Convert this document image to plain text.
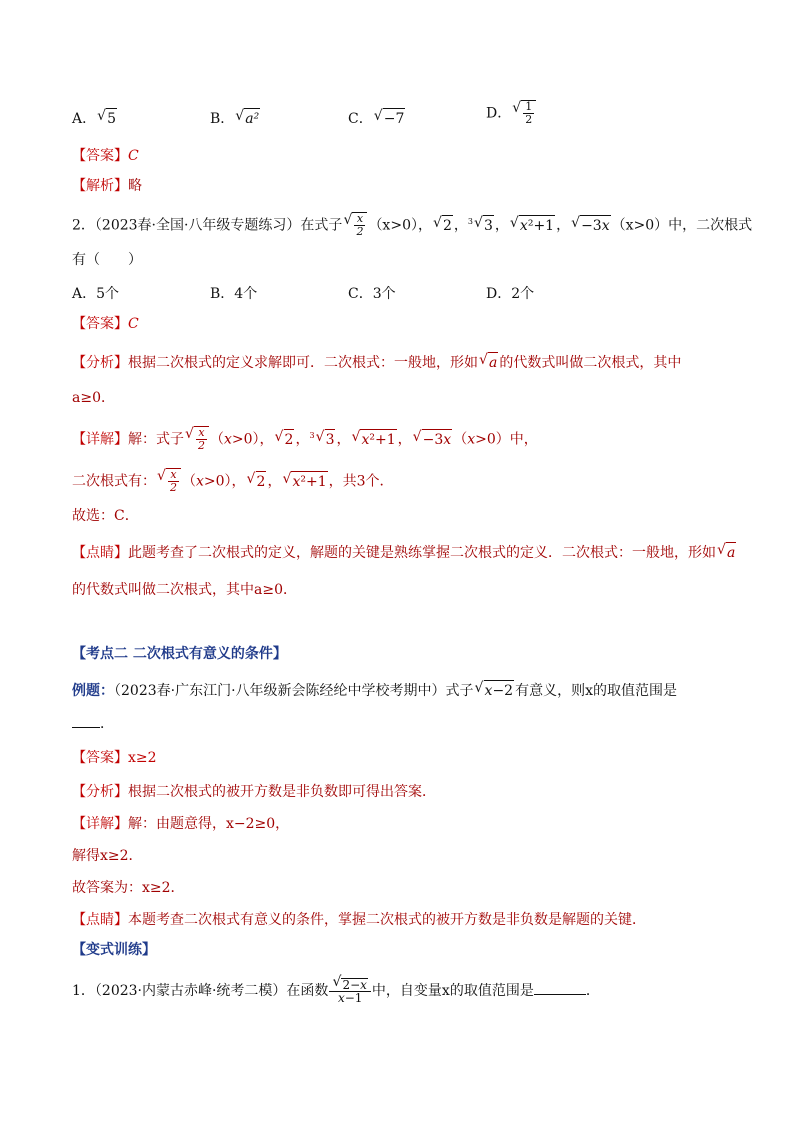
A． √ 5	B． √ a²	C． √ −7	D． √ $\frac{1}{2}$
【答案】C
【解析】略
2．（2023春·全国·八年级专题练习）在式子 √ $\frac{x}{2} (x>0)$， √ 2 ，$^3$ √ 3 ， √ x²+1 ， √ −3x （x>0）中，二次根式
有（　　）
A．5个	B．4个	C．3个	D．2个
【答案】C
【分析】根据二次根式的定义求解即可．二次根式：一般地，形如 √ a 的代数式叫做二次根式，其中
a≥0．
【详解】解：式子 √ $\frac{x}{2} (x>0)$， √ 2 ，$^3$ √ 3 ， √ x²+1 ， √ −3x （x>0）中，
二次根式有： √ $\frac{x}{2} (x>0)$， √ 2 ， √ x²+1 ，共3个．
故选：C．
【点睛】此题考查了二次根式的定义，解题的关键是熟练掌握二次根式的定义．二次根式：一般地，形如 √ a
的代数式叫做二次根式，其中a≥0．
【考点二 二次根式有意义的条件】
例题：（2023春·广东江门·八年级新会陈经纶中学校考期中）式子 √ x−2 有意义，则x的取值范围是
．
【答案】x≥2
【分析】根据二次根式的被开方数是非负数即可得出答案．
【详解】解：由题意得，x−2≥0，
解得x≥2．
故答案为：x≥2．
【点睛】本题考查二次根式有意义的条件，掌握二次根式的被开方数是非负数是解题的关键．
【变式训练】
1．（2023·内蒙古赤峰·统考二模）在函数 √ $\frac{2-x}{x-1}$ 中，自变量x的取值范围是	．
